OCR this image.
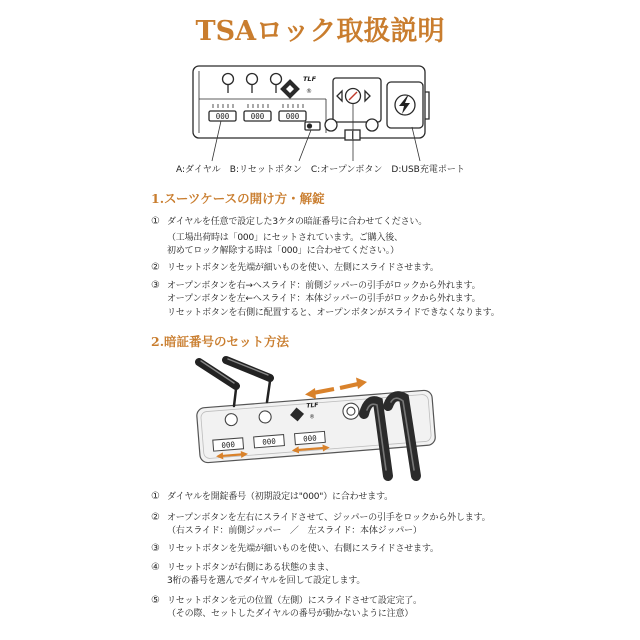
TSAロック取扱説明
000	000	000
TLF
®
A:ダイヤル B:リセットボタン C:オープンボタン D:USB充電ポート
1.スーツケースの開け方・解錠
① ダイヤルを任意で設定した3ケタの暗証番号に合わせてください。
（工場出荷時は「000」にセットされています。ご購入後、
初めてロック解除する時は「000」に合わせてください。）
② リセットボタンを先端が細いものを使い、左側にスライドさせます。
③ オープンボタンを右→へスライド：前側ジッパーの引手がロックから外れます。
オープンボタンを左←へスライド：本体ジッパーの引手がロックから外れます。
リセットボタンを右側に配置すると、オープンボタンがスライドできなくなります。
2.暗証番号のセット方法
TLF
®
000	000	000
① ダイヤルを開錠番号（初期設定は"000"）に合わせます。
② オープンボタンを左右にスライドさせて、ジッパーの引手をロックから外します。
（右スライド：前側ジッパー　／　左スライド：本体ジッパー）
③ リセットボタンを先端が細いものを使い、右側にスライドさせます。
④ リセットボタンが右側にある状態のまま、
3桁の番号を選んでダイヤルを回して設定します。
⑤ リセットボタンを元の位置（左側）にスライドさせて設定完了。
（その際、セットしたダイヤルの番号が動かないように注意）
